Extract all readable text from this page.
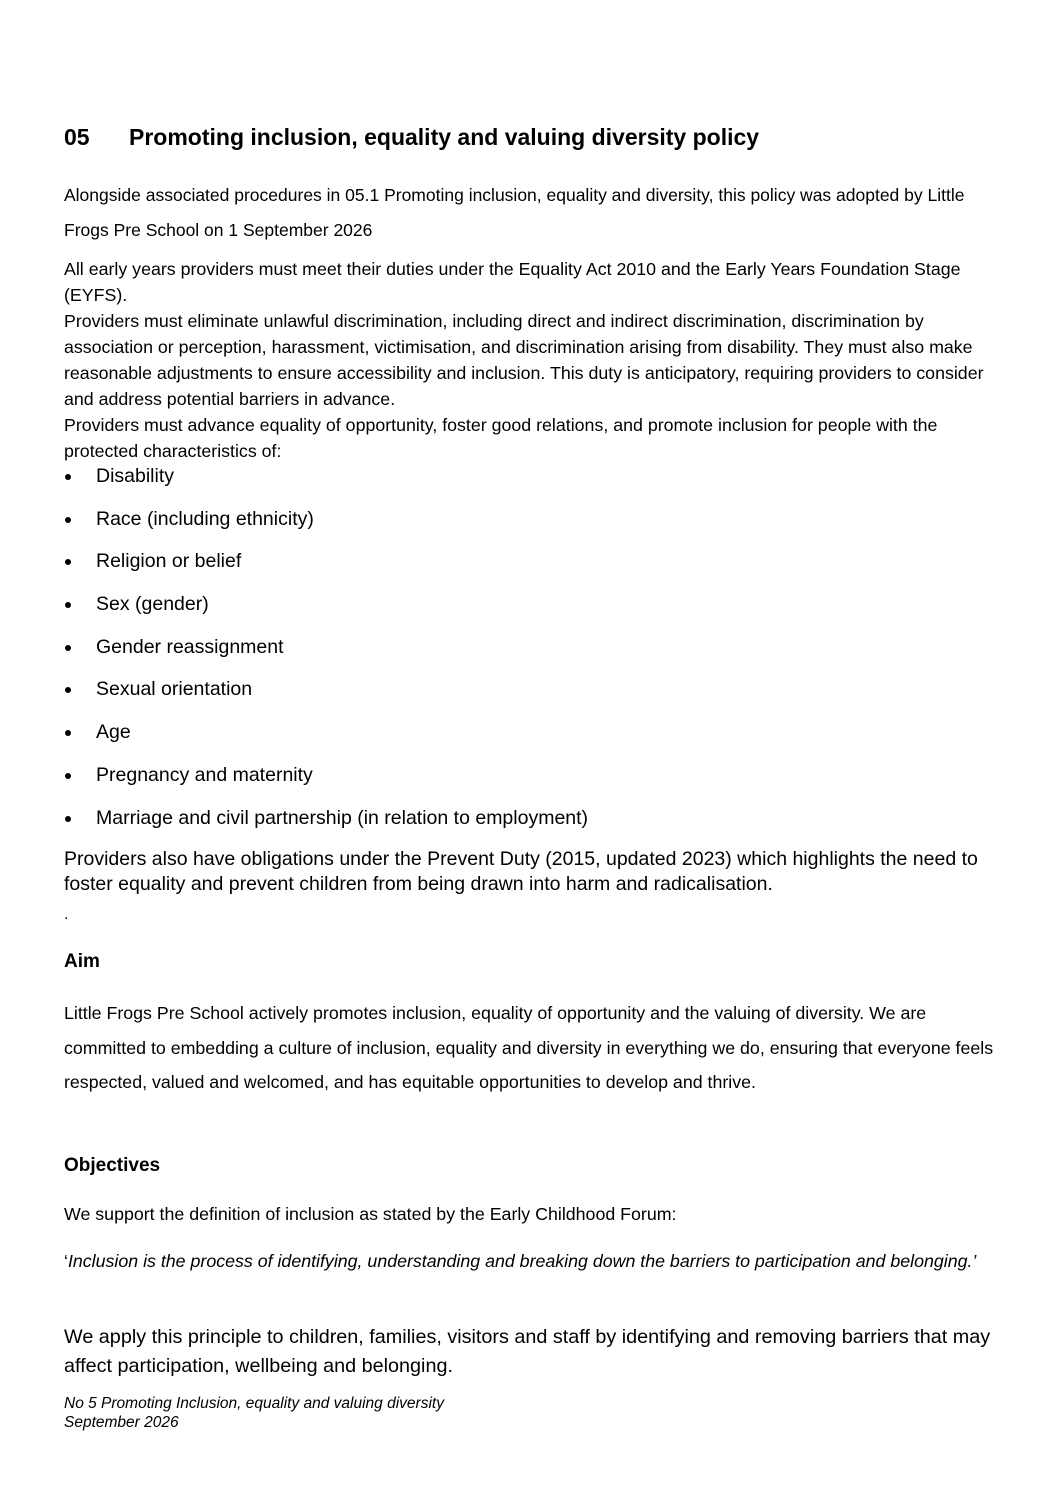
05 Promoting inclusion, equality and valuing diversity policy

Alongside associated procedures in 05.1 Promoting inclusion, equality and diversity, this policy was adopted by Little Frogs Pre School on 1 September 2026

All early years providers must meet their duties under the Equality Act 2010 and the Early Years Foundation Stage (EYFS).

Providers must eliminate unlawful discrimination, including direct and indirect discrimination, discrimination by association or perception, harassment, victimisation, and discrimination arising from disability. They must also make reasonable adjustments to ensure accessibility and inclusion. This duty is anticipatory, requiring providers to consider and address potential barriers in advance.

Providers must advance equality of opportunity, foster good relations, and promote inclusion for people with the protected characteristics of:

Disability
Race (including ethnicity)
Religion or belief
Sex (gender)
Gender reassignment
Sexual orientation
Age
Pregnancy and maternity
Marriage and civil partnership (in relation to employment)

Providers also have obligations under the Prevent Duty (2015, updated 2023) which highlights the need to foster equality and prevent children from being drawn into harm and radicalisation.

.

Aim

Little Frogs Pre School actively promotes inclusion, equality of opportunity and the valuing of diversity. We are committed to embedding a culture of inclusion, equality and diversity in everything we do, ensuring that everyone feels respected, valued and welcomed, and has equitable opportunities to develop and thrive.

Objectives

We support the definition of inclusion as stated by the Early Childhood Forum:

‘Inclusion is the process of identifying, understanding and breaking down the barriers to participation and belonging.’

We apply this principle to children, families, visitors and staff by identifying and removing barriers that may affect participation, wellbeing and belonging.

No 5 Promoting Inclusion, equality and valuing diversity
September 2026
